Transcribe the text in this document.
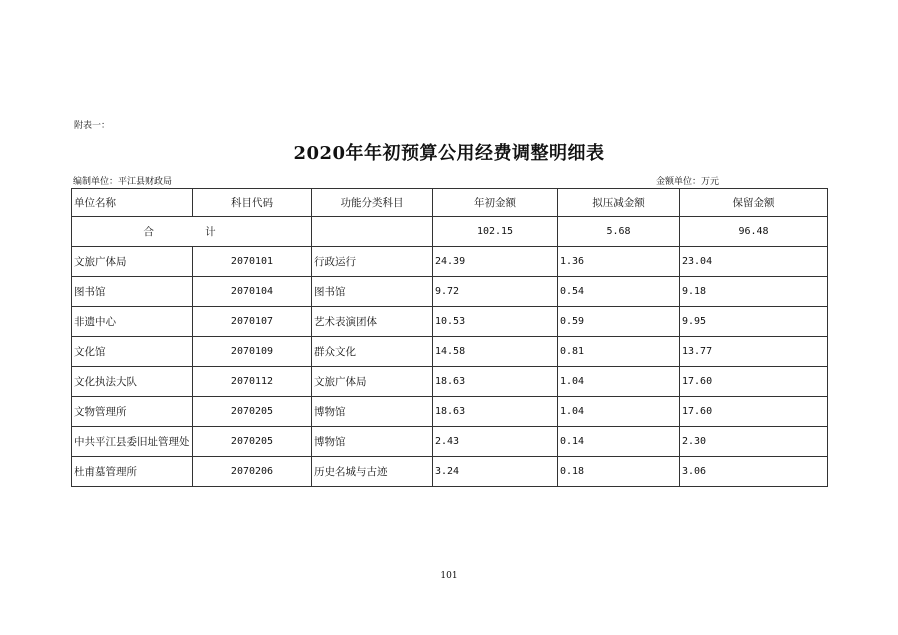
附表一：
2020年年初预算公用经费调整明细表
编制单位：平江县财政局	金额单位：万元
单位名称	科目代码	功能分类科目	年初金额	拟压减金额	保留金额
合 计			102.15	5.68	96.48
文旅广体局	2070101	行政运行	24.39	1.36	23.04
图书馆	2070104	图书馆	9.72	0.54	9.18
非遗中心	2070107	艺术表演团体	10.53	0.59	9.95
文化馆	2070109	群众文化	14.58	0.81	13.77
文化执法大队	2070112	文旅广体局	18.63	1.04	17.60
文物管理所	2070205	博物馆	18.63	1.04	17.60
中共平江县委旧址管理处	2070205	博物馆	2.43	0.14	2.30
杜甫墓管理所	2070206	历史名城与古迹	3.24	0.18	3.06
101
